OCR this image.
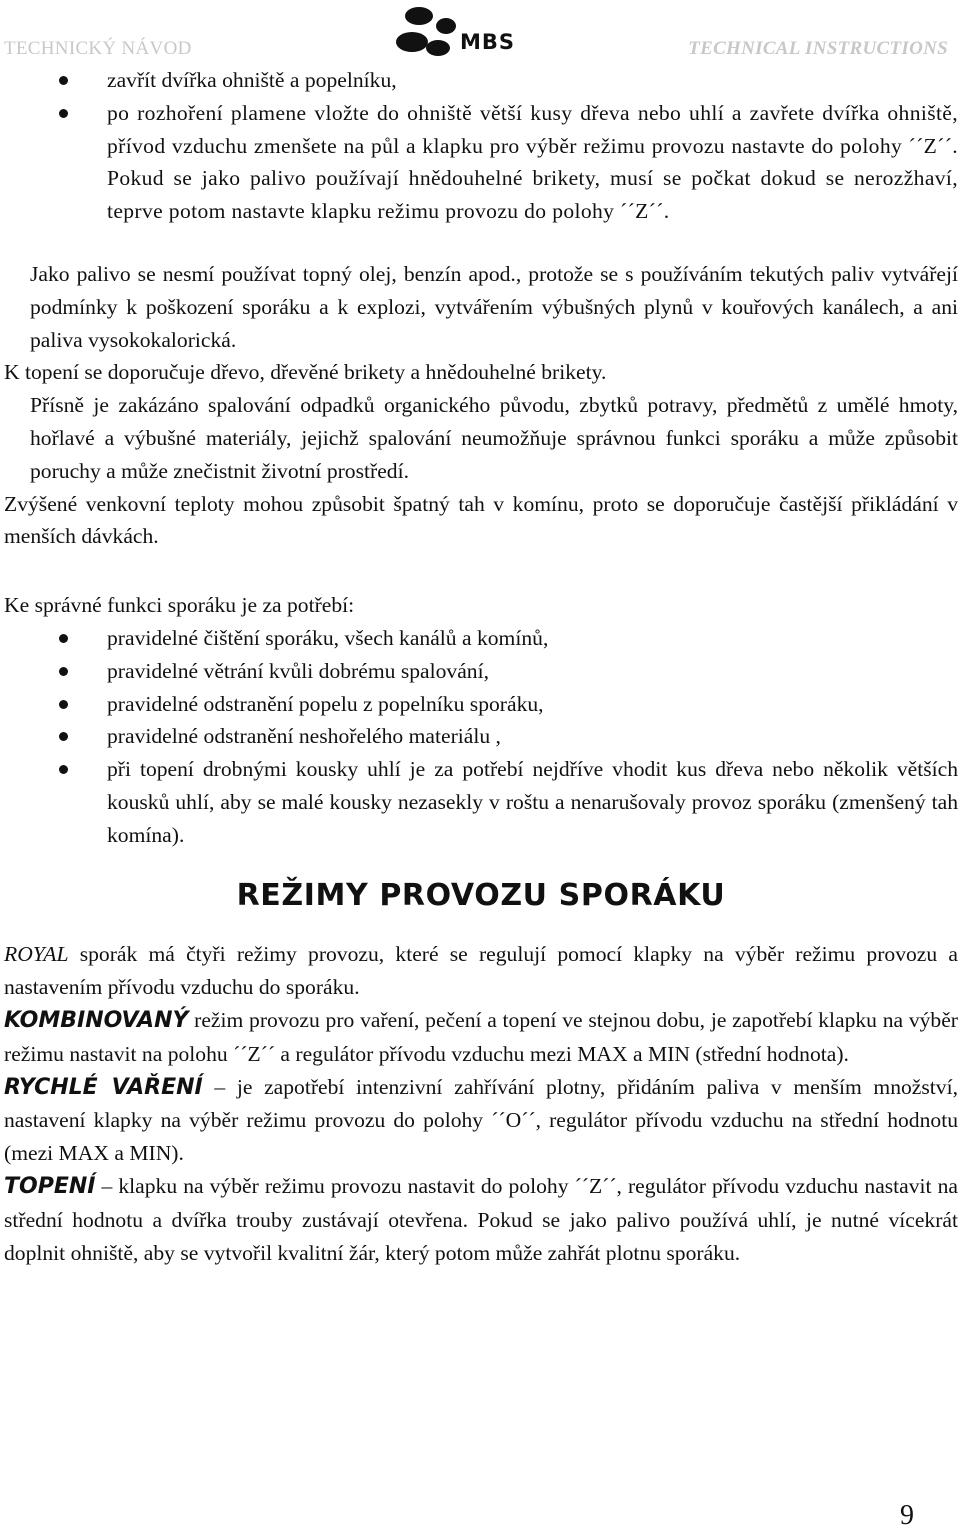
TECHNICKÝ NÁVOD	MBS	TECHNICAL INSTRUCTIONS
zavřít dvířka ohniště a popelníku,
po rozhoření plamene vložte do ohniště větší kusy dřeva nebo uhlí a zavřete dvířka ohniště, přívod vzduchu zmenšete na půl a klapku pro výběr režimu provozu nastavte do polohy ´´Z´´. Pokud se jako palivo používají hnědouhelné brikety, musí se počkat dokud se nerozžhaví, teprve potom nastavte klapku režimu provozu do polohy ´´Z´´.

Jako palivo se nesmí používat topný olej, benzín apod., protože se s používáním tekutých paliv vytvářejí podmínky k poškození sporáku a k explozi, vytvářením výbušných plynů v kouřových kanálech, a ani paliva vysokokalorická.

K topení se doporučuje dřevo, dřevěné brikety a hnědouhelné brikety.

Přísně je zakázáno spalování odpadků organického původu, zbytků potravy, předmětů z umělé hmoty, hořlavé a výbušné materiály, jejichž spalování neumožňuje správnou funkci sporáku a může způsobit poruchy a může znečistnit životní prostředí.

Zvýšené venkovní teploty mohou způsobit špatný tah v komínu, proto se doporučuje častější přikládání v menších dávkách.

Ke správné funkci sporáku je za potřebí:

pravidelné čištění sporáku, všech kanálů a komínů,
pravidelné větrání kvůli dobrému spalování,
pravidelné odstranění popelu z popelníku sporáku,
pravidelné odstranění neshořelého materiálu ,
při topení drobnými kousky uhlí je za potřebí nejdříve vhodit kus dřeva nebo několik větších kousků uhlí, aby se malé kousky nezasekly v roštu a nenarušovaly provoz sporáku (zmenšený tah komína).
REŽIMY PROVOZU SPORÁKU

ROYAL sporák má čtyři režimy provozu, které se regulují pomocí klapky na výběr režimu provozu a nastavením přívodu vzduchu do sporáku.

KOMBINOVANÝ režim provozu pro vaření, pečení a topení ve stejnou dobu, je zapotřebí klapku na výběr režimu nastavit na polohu ´´Z´´ a regulátor přívodu vzduchu mezi MAX a MIN (střední hodnota).

RYCHLÉ VAŘENÍ – je zapotřebí intenzivní zahřívání plotny, přidáním paliva v menším množství, nastavení klapky na výběr režimu provozu do polohy ´´O´´, regulátor přívodu vzduchu na střední hodnotu (mezi MAX a MIN).

TOPENÍ – klapku na výběr režimu provozu nastavit do polohy ´´Z´´, regulátor přívodu vzduchu nastavit na střední hodnotu a dvířka trouby zustávají otevřena. Pokud se jako palivo používá uhlí, je nutné vícekrát doplnit ohniště, aby se vytvořil kvalitní žár, který potom může zahřát plotnu sporáku.

9
